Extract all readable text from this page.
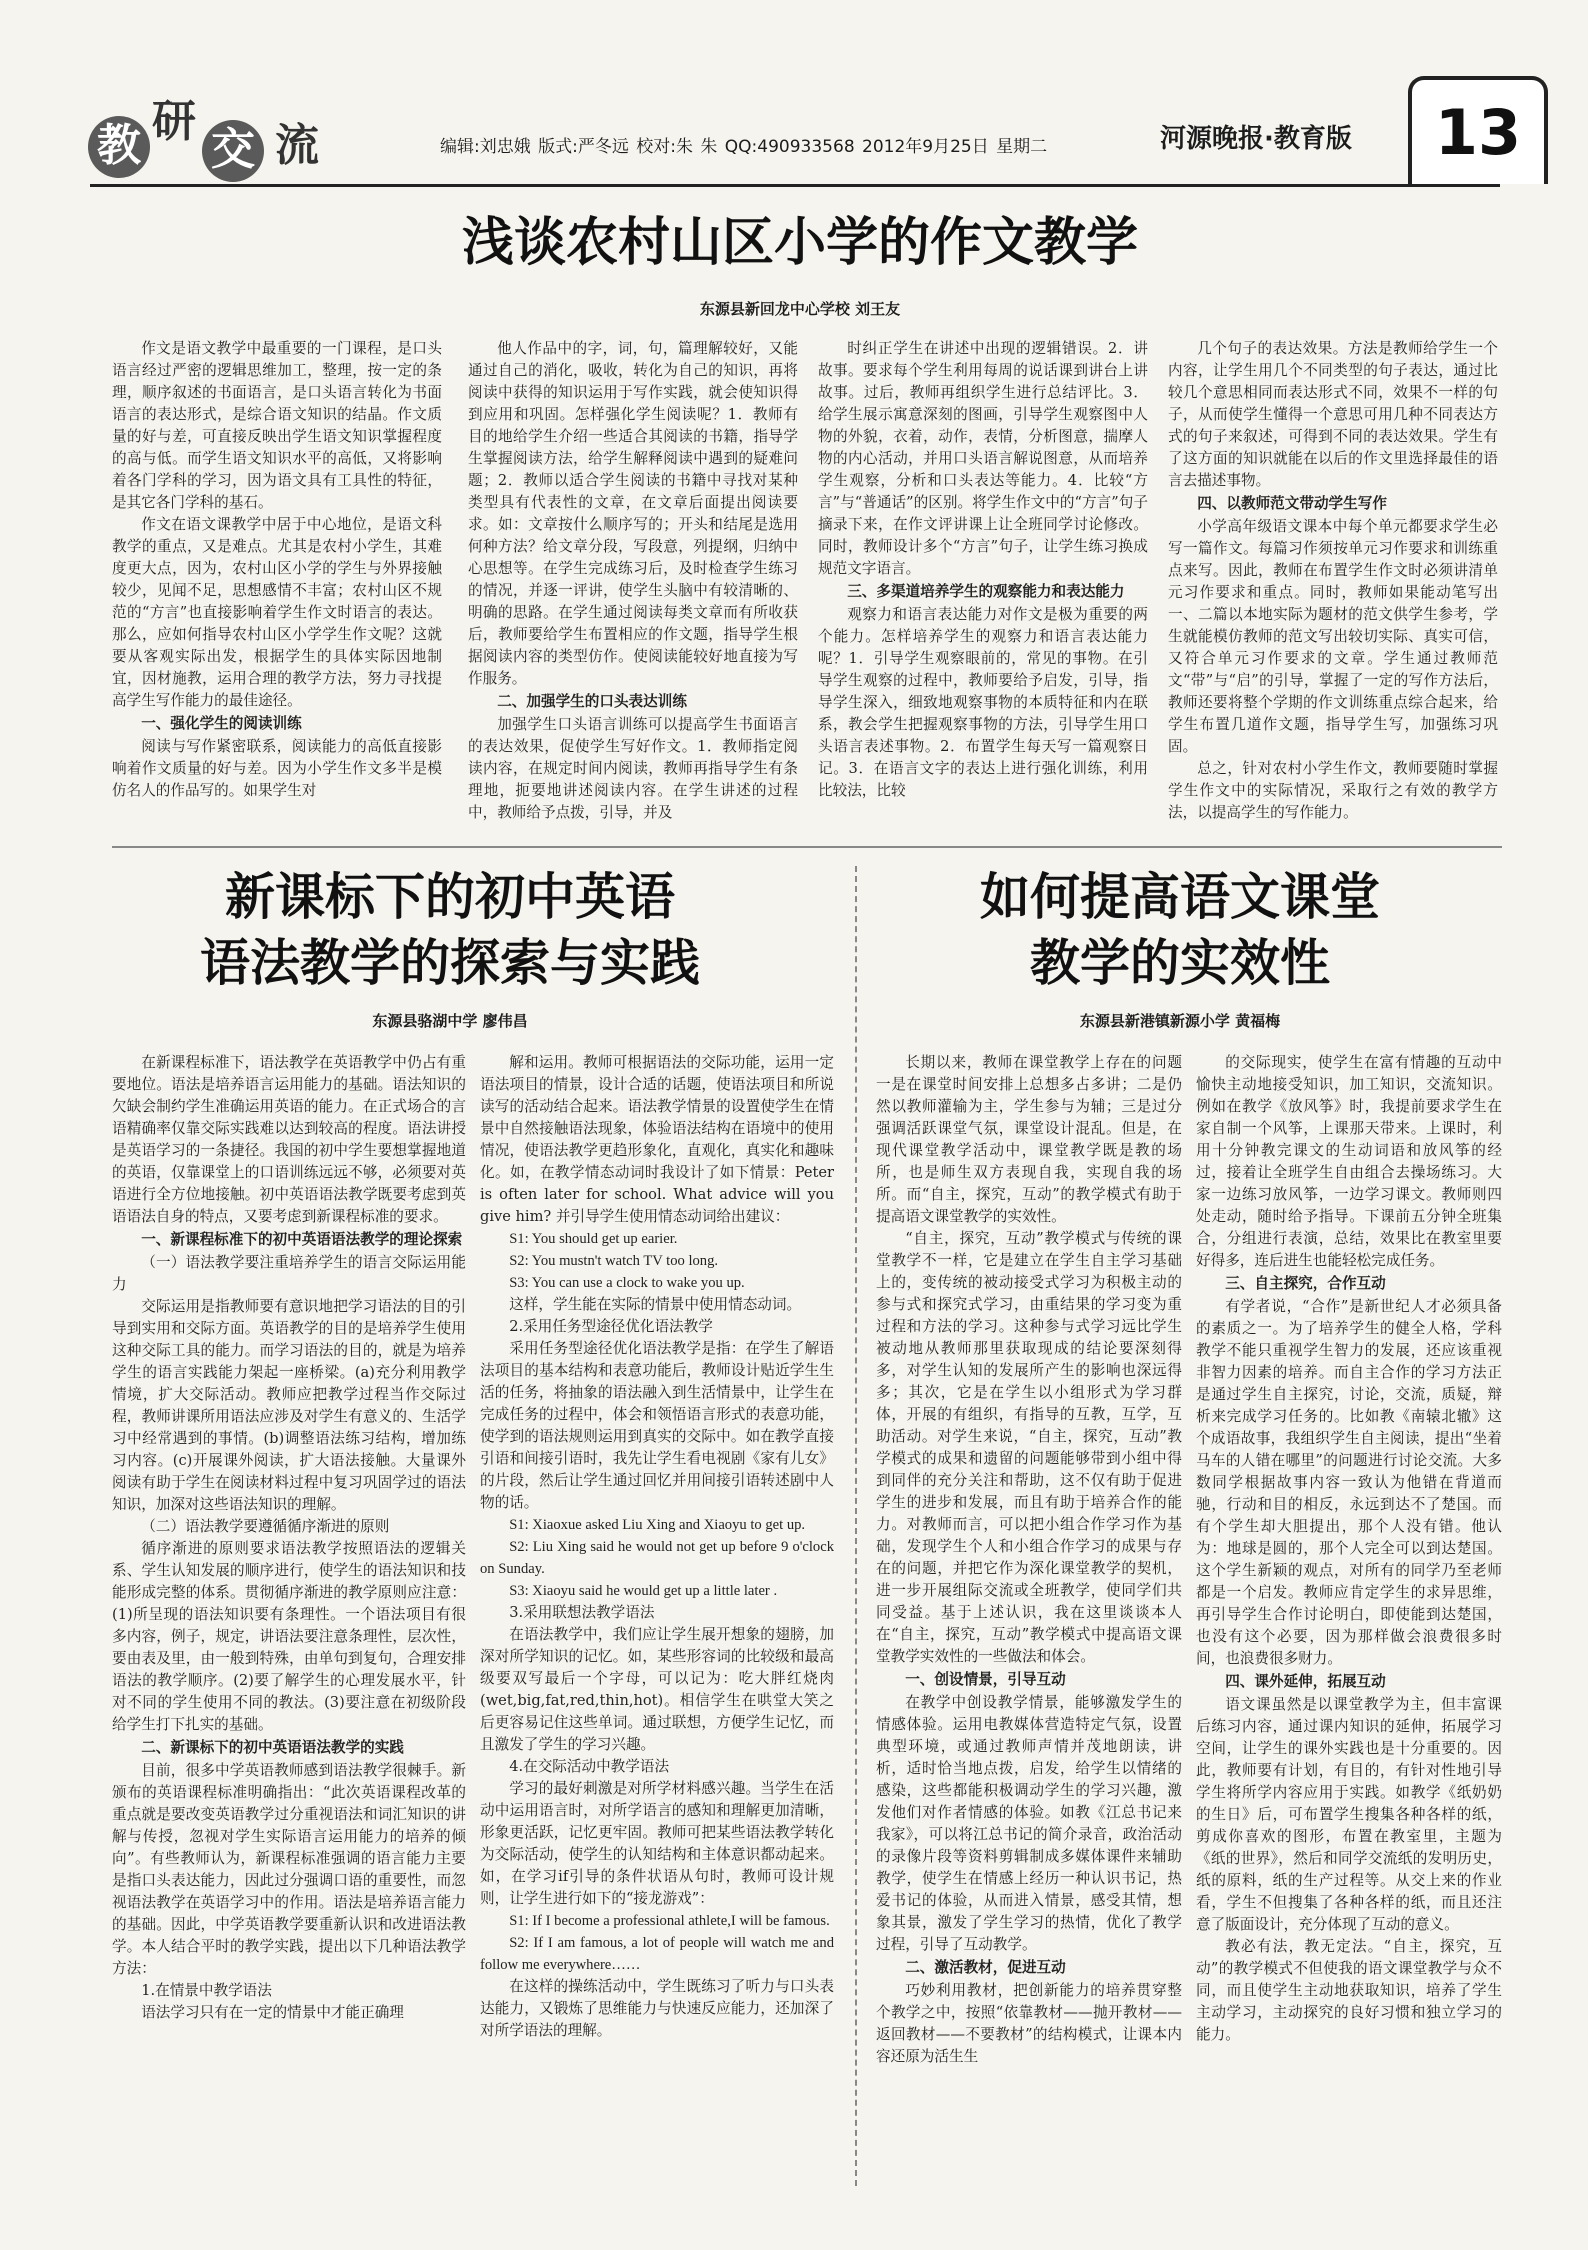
教 研
交 流	编辑:刘忠娥 版式:严冬远 校对:朱 朱 QQ:490933568 2012年9月25日 星期二	河源晚报·教育版	13
浅谈农村山区小学的作文教学
东源县新回龙中心学校 刘王友

作文是语文教学中最重要的一门课程，是口头语言经过严密的逻辑思维加工，整理，按一定的条理，顺序叙述的书面语言，是口头语言转化为书面语言的表达形式，是综合语文知识的结晶。作文质量的好与差，可直接反映出学生语文知识掌握程度的高与低。而学生语文知识水平的高低，又将影响着各门学科的学习，因为语文具有工具性的特征，是其它各门学科的基石。

作文在语文课教学中居于中心地位，是语文科教学的重点，又是难点。尤其是农村小学生，其难度更大点，因为，农村山区小学的学生与外界接触较少，见闻不足，思想感情不丰富；农村山区不规范的“方言”也直接影响着学生作文时语言的表达。那么，应如何指导农村山区小学学生作文呢？这就要从客观实际出发，根据学生的具体实际因地制宜，因材施教，运用合理的教学方法，努力寻找提高学生写作能力的最佳途径。

一、强化学生的阅读训练

阅读与写作紧密联系，阅读能力的高低直接影响着作文质量的好与差。因为小学生作文多半是模仿名人的作品写的。如果学生对

他人作品中的字，词，句，篇理解较好，又能通过自己的消化，吸收，转化为自己的知识，再将阅读中获得的知识运用于写作实践，就会使知识得到应用和巩固。怎样强化学生阅读呢？1．教师有目的地给学生介绍一些适合其阅读的书籍，指导学生掌握阅读方法，给学生解释阅读中遇到的疑难问题；2．教师以适合学生阅读的书籍中寻找对某种类型具有代表性的文章，在文章后面提出阅读要求。如：文章按什么顺序写的；开头和结尾是选用何种方法？给文章分段，写段意，列提纲，归纳中心思想等。在学生完成练习后，及时检查学生练习的情况，并逐一评讲，使学生头脑中有较清晰的、明确的思路。在学生通过阅读每类文章而有所收获后，教师要给学生布置相应的作文题，指导学生根据阅读内容的类型仿作。使阅读能较好地直接为写作服务。

二、加强学生的口头表达训练

加强学生口头语言训练可以提高学生书面语言的表达效果，促使学生写好作文。1．教师指定阅读内容，在规定时间内阅读，教师再指导学生有条理地，扼要地讲述阅读内容。在学生讲述的过程中，教师给予点拨，引导，并及

时纠正学生在讲述中出现的逻辑错误。2．讲故事。要求每个学生利用每周的说话课到讲台上讲故事。过后，教师再组织学生进行总结评比。3．给学生展示寓意深刻的图画，引导学生观察图中人物的外貌，衣着，动作，表情，分析图意，揣摩人物的内心活动，并用口头语言解说图意，从而培养学生观察，分析和口头表达等能力。4．比较“方言”与“普通话”的区别。将学生作文中的“方言”句子摘录下来，在作文评讲课上让全班同学讨论修改。同时，教师设计多个“方言”句子，让学生练习换成规范文字语言。

三、多渠道培养学生的观察能力和表达能力

观察力和语言表达能力对作文是极为重要的两个能力。怎样培养学生的观察力和语言表达能力呢？1．引导学生观察眼前的，常见的事物。在引导学生观察的过程中，教师要给予启发，引导，指导学生深入，细致地观察事物的本质特征和内在联系，教会学生把握观察事物的方法，引导学生用口头语言表述事物。2．布置学生每天写一篇观察日记。3．在语言文字的表达上进行强化训练，利用比较法，比较

几个句子的表达效果。方法是教师给学生一个内容，让学生用几个不同类型的句子表达，通过比较几个意思相同而表达形式不同，效果不一样的句子，从而使学生懂得一个意思可用几种不同表达方式的句子来叙述，可得到不同的表达效果。学生有了这方面的知识就能在以后的作文里选择最佳的语言去描述事物。

四、以教师范文带动学生写作

小学高年级语文课本中每个单元都要求学生必写一篇作文。每篇习作须按单元习作要求和训练重点来写。因此，教师在布置学生作文时必须讲清单元习作要求和重点。同时，教师如果能动笔写出一、二篇以本地实际为题材的范文供学生参考，学生就能模仿教师的范文写出较切实际、真实可信，又符合单元习作要求的文章。学生通过教师范文“带”与“启”的引导，掌握了一定的写作方法后，教师还要将整个学期的作文训练重点综合起来，给学生布置几道作文题，指导学生写，加强练习巩固。

总之，针对农村小学生作文，教师要随时掌握学生作文中的实际情况，采取行之有效的教学方法，以提高学生的写作能力。

新课标下的初中英语
语法教学的探索与实践
东源县骆湖中学 廖伟昌

在新课程标准下，语法教学在英语教学中仍占有重要地位。语法是培养语言运用能力的基础。语法知识的欠缺会制约学生准确运用英语的能力。在正式场合的言语精确率仅靠交际实践难以达到较高的程度。语法讲授是英语学习的一条捷径。我国的初中学生要想掌握地道的英语，仅靠课堂上的口语训练远远不够，必须要对英语进行全方位地接触。初中英语语法教学既要考虑到英语语法自身的特点，又要考虑到新课程标准的要求。

一、新课程标准下的初中英语语法教学的理论探索

（一）语法教学要注重培养学生的语言交际运用能力

交际运用是指教师要有意识地把学习语法的目的引导到实用和交际方面。英语教学的目的是培养学生使用这种交际工具的能力。而学习语法的目的，就是为培养学生的语言实践能力架起一座桥梁。(a)充分利用教学情境，扩大交际活动。教师应把教学过程当作交际过程，教师讲课所用语法应涉及对学生有意义的、生活学习中经常遇到的事情。(b)调整语法练习结构，增加练习内容。(c)开展课外阅读，扩大语法接触。大量课外阅读有助于学生在阅读材料过程中复习巩固学过的语法知识，加深对这些语法知识的理解。

（二）语法教学要遵循循序渐进的原则

循序渐进的原则要求语法教学按照语法的逻辑关系、学生认知发展的顺序进行，使学生的语法知识和技能形成完整的体系。贯彻循序渐进的教学原则应注意：(1)所呈现的语法知识要有条理性。一个语法项目有很多内容，例子，规定，讲语法要注意条理性，层次性，要由表及里，由一般到特殊，由单句到复句，合理安排语法的教学顺序。(2)要了解学生的心理发展水平，针对不同的学生使用不同的教法。(3)要注意在初级阶段给学生打下扎实的基础。

二、新课标下的初中英语语法教学的实践

目前，很多中学英语教师感到语法教学很棘手。新颁布的英语课程标准明确指出：“此次英语课程改革的重点就是要改变英语教学过分重视语法和词汇知识的讲解与传授，忽视对学生实际语言运用能力的培养的倾向”。有些教师认为，新课程标准强调的语言能力主要是指口头表达能力，因此过分强调口语的重要性，而忽视语法教学在英语学习中的作用。语法是培养语言能力的基础。因此，中学英语教学要重新认识和改进语法教学。本人结合平时的教学实践，提出以下几种语法教学方法：

1.在情景中教学语法

语法学习只有在一定的情景中才能正确理

解和运用。教师可根据语法的交际功能，运用一定语法项目的情景，设计合适的话题，使语法项目和所说读写的活动结合起来。语法教学情景的设置使学生在情景中自然接触语法现象，体验语法结构在语境中的使用情况，使语法教学更趋形象化，直观化，真实化和趣味化。如，在教学情态动词时我设计了如下情景：Peter is often later for school. What advice will you give him? 并引导学生使用情态动词给出建议：

S1: You should get up earier.

S2: You mustn't watch TV too long.

S3: You can use a clock to wake you up.

这样，学生能在实际的情景中使用情态动词。

2.采用任务型途径优化语法教学

采用任务型途径优化语法教学是指：在学生了解语法项目的基本结构和表意功能后，教师设计贴近学生生活的任务，将抽象的语法融入到生活情景中，让学生在完成任务的过程中，体会和领悟语言形式的表意功能，使学到的语法规则运用到真实的交际中。如在教学直接引语和间接引语时，我先让学生看电视剧《家有儿女》的片段，然后让学生通过回忆并用间接引语转述剧中人物的话。

S1: Xiaoxue asked Liu Xing and Xiaoyu to get up.

S2: Liu Xing said he would not get up before 9 o'clock on Sunday.

S3: Xiaoyu said he would get up a little later .

3.采用联想法教学语法

在语法教学中，我们应让学生展开想象的翅膀，加深对所学知识的记忆。如，某些形容词的比较级和最高级要双写最后一个字母，可以记为：吃大胖红烧肉(wet,big,fat,red,thin,hot)。相信学生在哄堂大笑之后更容易记住这些单词。通过联想，方便学生记忆，而且激发了学生的学习兴趣。

4.在交际活动中教学语法

学习的最好刺激是对所学材料感兴趣。当学生在活动中运用语言时，对所学语言的感知和理解更加清晰，形象更活跃，记忆更牢固。教师可把某些语法教学转化为交际活动，使学生的认知结构和主体意识都动起来。如，在学习if引导的条件状语从句时，教师可设计规则，让学生进行如下的“接龙游戏”：

S1: If I become a professional athlete,I will be famous.

S2: If I am famous, a lot of people will watch me and follow me everywhere……

在这样的操练活动中，学生既练习了听力与口头表达能力，又锻炼了思维能力与快速反应能力，还加深了对所学语法的理解。

如何提高语文课堂
教学的实效性
东源县新港镇新源小学 黄福梅

长期以来，教师在课堂教学上存在的问题一是在课堂时间安排上总想多占多讲；二是仍然以教师灌输为主，学生参与为辅；三是过分强调活跃课堂气氛，课堂设计混乱。但是，在现代课堂教学活动中，课堂教学既是教的场所，也是师生双方表现自我，实现自我的场所。而“自主，探究，互动”的教学模式有助于提高语文课堂教学的实效性。

“自主，探究，互动”教学模式与传统的课堂教学不一样，它是建立在学生自主学习基础上的，变传统的被动接受式学习为积极主动的参与式和探究式学习，由重结果的学习变为重过程和方法的学习。这种参与式学习远比学生被动地从教师那里获取现成的结论要深刻得多，对学生认知的发展所产生的影响也深远得多；其次，它是在学生以小组形式为学习群体，开展的有组织，有指导的互教，互学，互助活动。对学生来说，“自主，探究，互动”教学模式的成果和遗留的问题能够带到小组中得到同伴的充分关注和帮助，这不仅有助于促进学生的进步和发展，而且有助于培养合作的能力。对教师而言，可以把小组合作学习作为基础，发现学生个人和小组合作学习的成果与存在的问题，并把它作为深化课堂教学的契机，进一步开展组际交流或全班教学，使同学们共同受益。基于上述认识，我在这里谈谈本人在“自主，探究，互动”教学模式中提高语文课堂教学实效性的一些做法和体会。

一、创设情景，引导互动

在教学中创设教学情景，能够激发学生的情感体验。运用电教媒体营造特定气氛，设置典型环境，或通过教师声情并茂地朗读，讲析，适时恰当地点拨，启发，给学生以情绪的感染，这些都能积极调动学生的学习兴趣，激发他们对作者情感的体验。如教《江总书记来我家》，可以将江总书记的简介录音，政治活动的录像片段等资料剪辑制成多媒体课件来辅助教学，使学生在情感上经历一种认识书记，热爱书记的体验，从而进入情景，感受其情，想象其景，激发了学生学习的热情，优化了教学过程，引导了互动教学。

二、激活教材，促进互动

巧妙利用教材，把创新能力的培养贯穿整个教学之中，按照“依靠教材——抛开教材——返回教材——不要教材”的结构模式，让课本内容还原为活生生

的交际现实，使学生在富有情趣的互动中愉快主动地接受知识，加工知识，交流知识。例如在教学《放风筝》时，我提前要求学生在家自制一个风筝，上课那天带来。上课时，利用十分钟教完课文的生动词语和放风筝的经过，接着让全班学生自由组合去操场练习。大家一边练习放风筝，一边学习课文。教师则四处走动，随时给予指导。下课前五分钟全班集合，分组进行表演，总结，效果比在教室里要好得多，连后进生也能轻松完成任务。

三、自主探究，合作互动

有学者说，“合作”是新世纪人才必须具备的素质之一。为了培养学生的健全人格，学科教学不能只重视学生智力的发展，还应该重视非智力因素的培养。而自主合作的学习方法正是通过学生自主探究，讨论，交流，质疑，辩析来完成学习任务的。比如教《南辕北辙》这个成语故事，我组织学生自主阅读，提出“坐着马车的人错在哪里”的问题进行讨论交流。大多数同学根据故事内容一致认为他错在背道而驰，行动和目的相反，永远到达不了楚国。而有个学生却大胆提出，那个人没有错。他认为：地球是圆的，那个人完全可以到达楚国。这个学生新颖的观点，对所有的同学乃至老师都是一个启发。教师应肯定学生的求异思维，再引导学生合作讨论明白，即使能到达楚国，也没有这个必要，因为那样做会浪费很多时间，也浪费很多财力。

四、课外延伸，拓展互动

语文课虽然是以课堂教学为主，但丰富课后练习内容，通过课内知识的延伸，拓展学习空间，让学生的课外实践也是十分重要的。因此，教师要有计划，有目的，有针对性地引导学生将所学内容应用于实践。如教学《纸奶奶的生日》后，可布置学生搜集各种各样的纸，剪成你喜欢的图形，布置在教室里，主题为《纸的世界》，然后和同学交流纸的发明历史，纸的原料，纸的生产过程等。从交上来的作业看，学生不但搜集了各种各样的纸，而且还注意了版面设计，充分体现了互动的意义。

教必有法，教无定法。“自主，探究，互动”的教学模式不但使我的语文课堂教学与众不同，而且使学生主动地获取知识，培养了学生主动学习，主动探究的良好习惯和独立学习的能力。
